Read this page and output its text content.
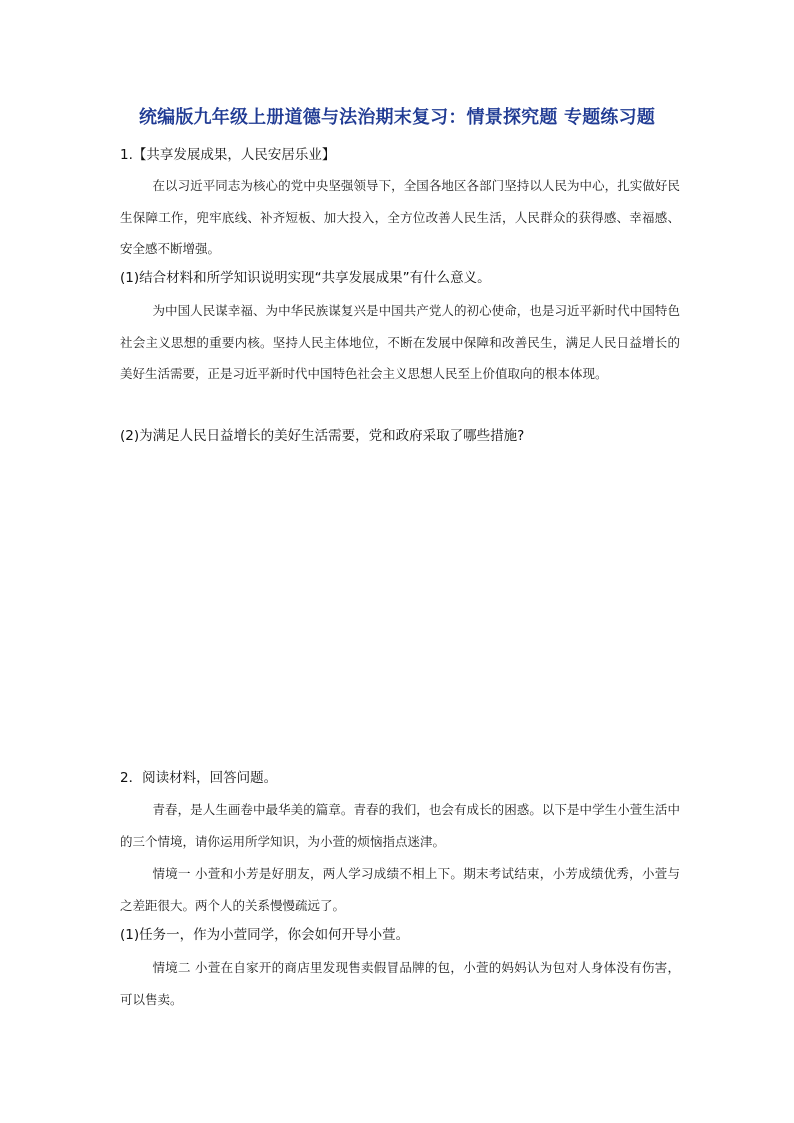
统编版九年级上册道德与法治期末复习：情景探究题 专题练习题
1.【共享发展成果，人民安居乐业】

在以习近平同志为核心的党中央坚强领导下，全国各地区各部门坚持以人民为中心，扎实做好民生保障工作，兜牢底线、补齐短板、加大投入，全方位改善人民生活，人民群众的获得感、幸福感、安全感不断增强。

(1)结合材料和所学知识说明实现“共享发展成果”有什么意义。

为中国人民谋幸福、为中华民族谋复兴是中国共产党人的初心使命，也是习近平新时代中国特色社会主义思想的重要内核。坚持人民主体地位，不断在发展中保障和改善民生，满足人民日益增长的美好生活需要，正是习近平新时代中国特色社会主义思想人民至上价值取向的根本体现。

(2)为满足人民日益增长的美好生活需要，党和政府采取了哪些措施?
2．阅读材料，回答问题。

青春，是人生画卷中最华美的篇章。青春的我们，也会有成长的困惑。以下是中学生小萱生活中的三个情境，请你运用所学知识，为小萱的烦恼指点迷津。

情境一 小萱和小芳是好朋友，两人学习成绩不相上下。期末考试结束，小芳成绩优秀，小萱与之差距很大。两个人的关系慢慢疏远了。

(1)任务一，作为小萱同学，你会如何开导小萱。

情境二 小萱在自家开的商店里发现售卖假冒品牌的包，小萱的妈妈认为包对人身体没有伤害，可以售卖。
